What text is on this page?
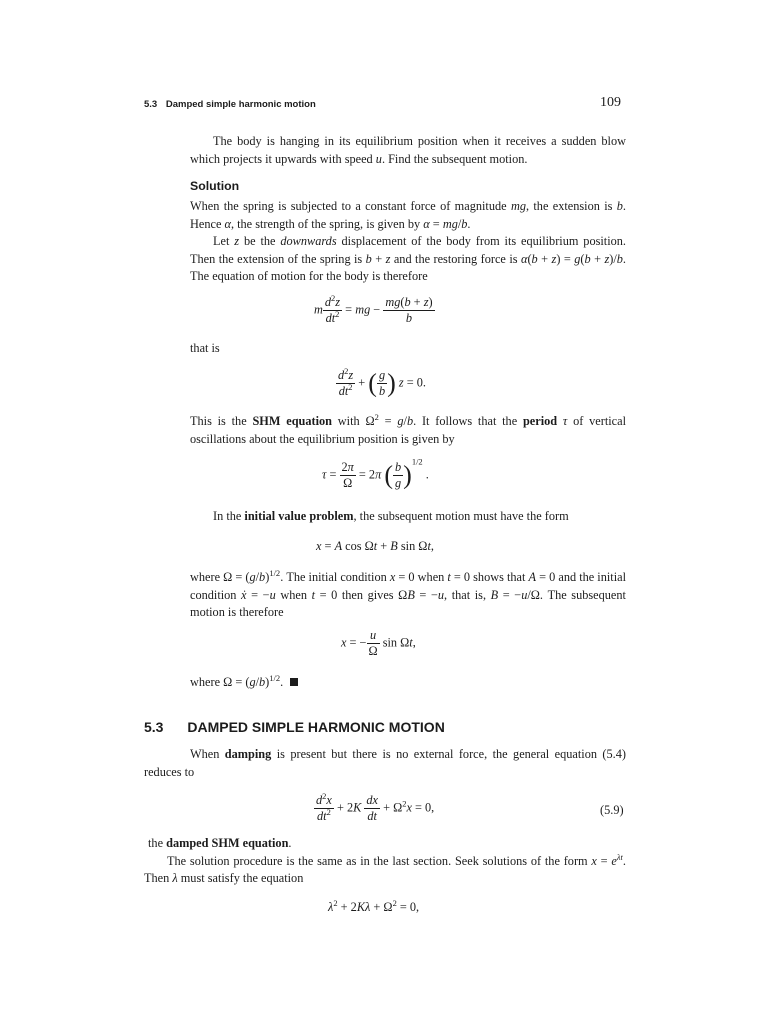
5.3 Damped simple harmonic motion	109
The body is hanging in its equilibrium position when it receives a sudden blow which projects it upwards with speed u. Find the subsequent motion.
Solution

When the spring is subjected to a constant force of magnitude mg, the extension is b. Hence α, the strength of the spring, is given by α = mg/b.

Let z be the downwards displacement of the body from its equilibrium position. Then the extension of the spring is b + z and the restoring force is α(b + z) = g(b + z)/b. The equation of motion for the body is therefore

m $\frac{d^2z}{dt^2}$ = mg − $\frac{mg(b + z)}{b}$
that is
$\frac{d^2z}{dt^2}$ + ( $\frac{g}{b}$ ) z = 0.
This is the SHM equation with $\Omega^2 = g/b$. It follows that the period τ of vertical oscillations about the equilibrium position is given by
$\tau = \frac{2\pi}{\Omega} = 2\pi$ ( $\frac{b}{g} )^{1/2}$ .
In the initial value problem, the subsequent motion must have the form
x = A cos Ωt + B sin Ωt,
where $\Omega = (g/b)^{1/2}$. The initial condition x = 0 when t = 0 shows that A = 0 and the initial condition ẋ = −u when t = 0 then gives ΩB = −u, that is, B = −u/Ω. The subsequent motion is therefore
x = − $\frac{u}{\Omega}$ sin Ωt,
where $\Omega = (g/b)^{1/2}$.
5.3 DAMPED SIMPLE HARMONIC MOTION
When damping is present but there is no external force, the general equation (5.4) reduces to
$\frac{d^2x}{dt^2} + 2K \frac{dx}{dt} + \Omega^2x = 0$,	(5.9)

the damped SHM equation.

The solution procedure is the same as in the last section. Seek solutions of the form $x = e^{\lambda t}$. Then λ must satisfy the equation

$\lambda^2 + 2K\lambda + \Omega^2 = 0$,
